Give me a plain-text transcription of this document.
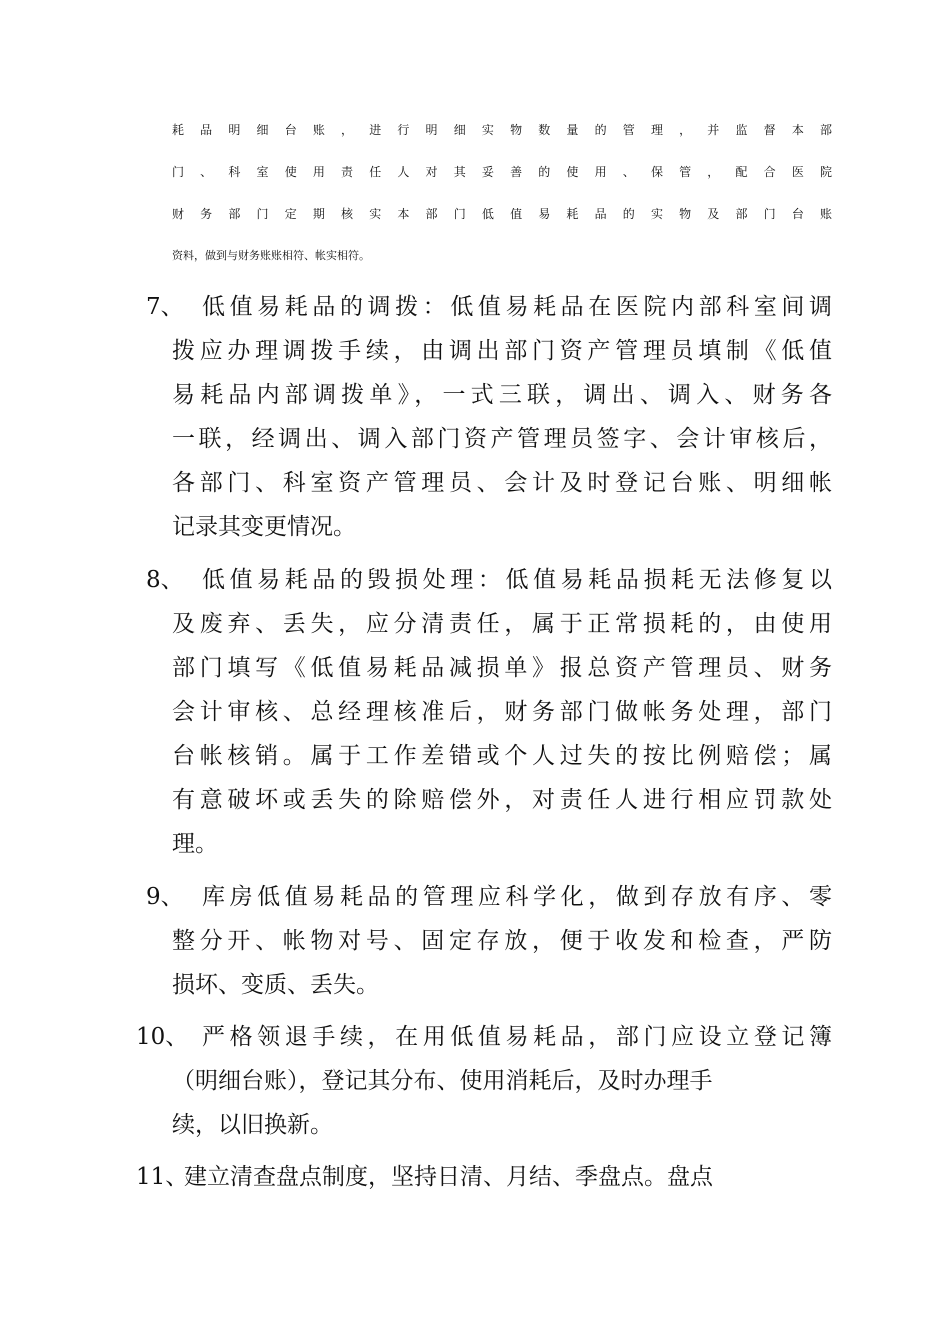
耗品明细台账，进行明细实物数量的管理，并监督本部
门、科室使用责任人对其妥善的使用、保管，配合医院
财务部门定期核实本部门低值易耗品的实物及部门台账
资料，做到与财务账账相符、帐实相符。
7、 低值易耗品的调拨：低值易耗品在医院内部科室间调
拨应办理调拨手续，由调出部门资产管理员填制《低值
易耗品内部调拨单》，一式三联，调出、调入、财务各
一联，经调出、调入部门资产管理员签字、会计审核后，
各部门、科室资产管理员、会计及时登记台账、明细帐
记录其变更情况。
8、 低值易耗品的毁损处理：低值易耗品损耗无法修复以
及废弃、丢失，应分清责任，属于正常损耗的，由使用
部门填写《低值易耗品减损单》报总资产管理员、财务
会计审核、总经理核准后，财务部门做帐务处理，部门
台帐核销。属于工作差错或个人过失的按比例赔偿；属
有意破坏或丢失的除赔偿外，对责任人进行相应罚款处
理。
9、 库房低值易耗品的管理应科学化，做到存放有序、零
整分开、帐物对号、固定存放，便于收发和检查，严防
损坏、变质、丢失。
10、 严格领退手续，在用低值易耗品，部门应设立登记簿
（明细台账），登记其分布、使用消耗后，及时办理手
续，以旧换新。
11、
建立清查盘点制度，坚持日清、月结、季盘点。盘点
